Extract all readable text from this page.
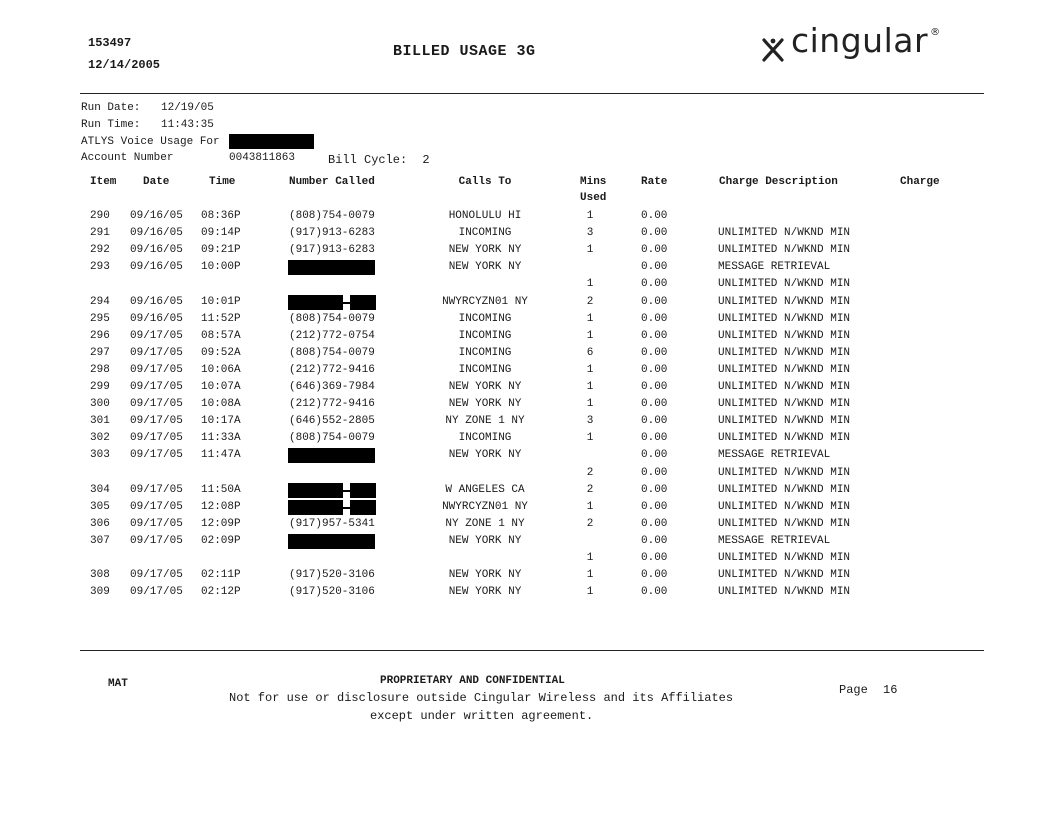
153497
12/14/2005
BILLED USAGE 3G	cingular ®
Run Date: 12/19/05
Run Time: 11:43:35
ATLYS Voice Usage For
Account Number	0043811863	Bill Cycle: 2
Item Date	Time	Number Called	Calls To	Mins
Used
Rate	Charge Description	Charge
290 09/16/05 08:36P	(808)754-0079	HONOLULU HI	1	0.00
291 09/16/05 09:14P	(917)913-6283	INCOMING	3	0.00	UNLIMITED N/WKND MIN
292 09/16/05 09:21P	(917)913-6283	NEW YORK NY	1	0.00	UNLIMITED N/WKND MIN
293 09/16/05 10:00P	NEW YORK NY	0.00	MESSAGE RETRIEVAL
1	0.00	UNLIMITED N/WKND MIN
294 09/16/05 10:01P	NWYRCYZN01 NY	2	0.00	UNLIMITED N/WKND MIN
295 09/16/05 11:52P	(808)754-0079	INCOMING	1	0.00	UNLIMITED N/WKND MIN
296 09/17/05 08:57A	(212)772-0754	INCOMING	1	0.00	UNLIMITED N/WKND MIN
297 09/17/05 09:52A	(808)754-0079	INCOMING	6	0.00	UNLIMITED N/WKND MIN
298 09/17/05 10:06A	(212)772-9416	INCOMING	1	0.00	UNLIMITED N/WKND MIN
299 09/17/05 10:07A	(646)369-7984	NEW YORK NY	1	0.00	UNLIMITED N/WKND MIN
300 09/17/05 10:08A	(212)772-9416	NEW YORK NY	1	0.00	UNLIMITED N/WKND MIN
301 09/17/05 10:17A	(646)552-2805	NY ZONE 1 NY	3	0.00	UNLIMITED N/WKND MIN
302 09/17/05 11:33A	(808)754-0079	INCOMING	1	0.00	UNLIMITED N/WKND MIN
303 09/17/05 11:47A	NEW YORK NY	0.00	MESSAGE RETRIEVAL
2	0.00	UNLIMITED N/WKND MIN
304 09/17/05 11:50A	W ANGELES CA	2	0.00	UNLIMITED N/WKND MIN
305 09/17/05 12:08P	NWYRCYZN01 NY	1	0.00	UNLIMITED N/WKND MIN
306 09/17/05 12:09P	(917)957-5341	NY ZONE 1 NY	2	0.00	UNLIMITED N/WKND MIN
307 09/17/05 02:09P	NEW YORK NY	0.00	MESSAGE RETRIEVAL
1	0.00	UNLIMITED N/WKND MIN
308 09/17/05 02:11P	(917)520-3106	NEW YORK NY	1	0.00	UNLIMITED N/WKND MIN
309 09/17/05 02:12P	(917)520-3106	NEW YORK NY	1	0.00	UNLIMITED N/WKND MIN
MAT	PROPRIETARY AND CONFIDENTIAL
Not for use or disclosure outside Cingular Wireless and its Affiliates
except under written agreement.
Page 16
